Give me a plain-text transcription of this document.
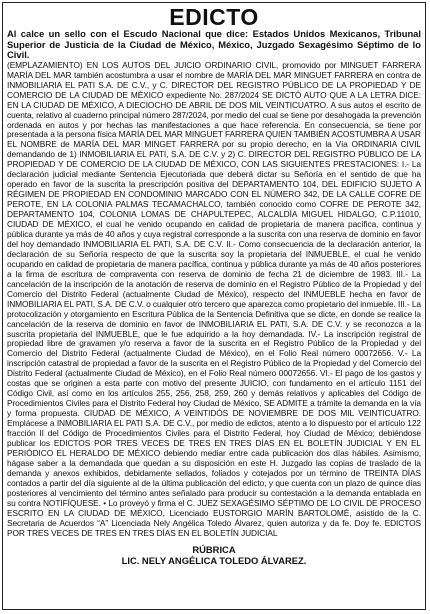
EDICTO

Al calce un sello con el Escudo Nacional que dice: Estados Unidos Mexicanos, Tribunal Superior de Justicia de la Ciudad de México, México, Juzgado Sexagésimo Séptimo de lo Civil.

(EMPLAZAMIENTO) EN LOS AUTOS DEL JUICIO ORDINARIO CIVIL, promovido por MINGUET FARRERA MARÍA DEL MAR también acostumbra a usar el nombre de MARÍA DEL MAR MINGUET FARRERA en contra de INMOBILIARIA EL PATI S.A. DE C.V., y C. DIRECTOR DEL REGISTRO PÚBLICO DE LA PROPIEDAD Y DE COMERCIO DE LA CIUDAD DE MÉXICO expediente No. 287/2024 SE DICTÓ AUTO QUE A LA LETRA DICE: EN LA CIUDAD DE MÉXICO, A DIECIOCHO DE ABRIL DE DOS MIL VEINTICUATRO. A sus autos el escrito de cuenta, relativo al cuaderno principal número 287/2024, por medio del cual se tiene por desahogada la prevención ordenada en autos y por hechas las manifestaciones a que hace referencia. En consecuencia, se tiene por presentada a la persona física MARÍA DEL MAR MINGUET FARRERA QUIEN TAMBIÉN ACOSTUMBRA A USAR EL NOMBRE de MARÍA DEL MAR MINGET FARRERA por su propio derecho, en la Vía ORDINARIA CIVIL demandando de 1) INMOBILIARIA EL PATI, S.A. DE C.V. y 2) C. DIRECTOR DEL REGISTRO PÚBLICO DE LA PROPIEDAD Y DE COMERCIO DE LA CIUDAD DE MÉXICO, CON LAS SIGUIENTES PRESTACIONES: I.- La declaración judicial mediante Sentencia Ejecutoriada que deberá dictar su Señoría en el sentido de que ha operado en favor de la suscrita la prescripción positiva del DEPARTAMENTO 104, DEL EDIFICIO SUJETO A RÉGIMEN DE PROPIEDAD EN CONDOMINIO MARCADO CON EL NÚMERO 342, DE LA CALLE COFRE DE PEROTE, EN LA COLONIA PALMAS TECAMACHALCO, también conocido como COFRE DE PEROTE 342, DEPARTAMENTO 104, COLONIA LOMAS DE CHAPULTEPEC, ALCALDÍA MIGUEL HIDALGO, C.P.11010, CIUDAD DE MÉXICO, el cual he venido ocupando en calidad de propietaria de manera pacífica, continua y pública durante ya más de 40 años y cuya registral corresponde a la suscrita con una reserva de dominio en favor del hoy demandado INMOBILIARIA EL PATI, S.A. DE C.V. II.- Como consecuencia de la declaración anterior, la declaración de su Señoría respecto de que la suscrita soy la propietaria del INMUEBLE, el cual he venido ocupando en calidad de propietaria de manera pacífica, continua y pública durante ya más de 40 años posteriores a la firma de escritura de compraventa con reserva de dominio de fecha 21 de diciembre de 1983. III.- La cancelación de la inscripción de la anotación de reserva de dominio en el Registro Público de la Propiedad y del Comercio del Distrito Federal (actualmente Ciudad de México), respecto del INMUEBLE hecha en favor de INMOBILIARIA EL PATI, S.A. DE C.V. o cualquier otro tercero que aparezca como propietario del inmueble. III.- La protocolización y otorgamiento en Escritura Pública de la Sentencia Definitiva que se dicte, en donde se realice la cancelación de la reserva de dominio en favor de INMOBILIARIA EL PATI, S.A. DE C.V. y se reconozca a la suscrita propietaria del INMUEBLE, que le fue adquirido a la hoy demandada. IV.- La inscripción registral de propiedad libre de gravamen y/o reserva a favor de la suscrita en el Registro Público de la Propiedad y del Comercio del Distrito Federal (actualmente Ciudad de México), en el Folio Real número 00072656. V.- La inscripción catastral de propiedad a favor de la suscrita en el Registro Público de la Propiedad y del Comercio del Distrito Federal (actualmente Ciudad de México), en el Folio Real número 00072656. VI.- El pago de los gastos y costas que se originen a esta parte con motivo del presente JUICIO, con fundamento en el artículo 1151 del Código Civil, así como en los artículos 255, 256, 258, 259, 260 y demás relativos y aplicables del Código de Procedimientos Civiles para el Distrito Federal hoy Ciudad de México, SE ADMITE a trámite la demanda en la vía y forma propuesta. CIUDAD DE MÉXICO, A VEINTIDÓS DE NOVIEMBRE DE DOS MIL VEINTICUATRO. Emplácese a INMOBILIARIA EL PATI S.A. DE C.V., por medio de edictos, atento a lo dispuesto por el artículo 122 fracción II del Código de Procedimientos Civiles para el Distrito Federal, hoy Ciudad de México; debiéndose publicar los EDICTOS POR TRES VECES DE TRES EN TRES DÍAS EN EL BOLETÍN JUDICIAL Y EN EL PERIÓDICO EL HERALDO DE MÉXICO debiendo mediar entre cada publicación dos días hábiles. Asimismo, hágase saber a la demandada que quedan a su disposición en este H. Juzgado las copias de traslado de la demanda y anexos exhibidos, debidamente sellados, foliados y cotejados por un término de TREINTA DÍAS contados a partir del día siguiente al de la última publicación del edicto, y que cuenta con un plazo de quince días posteriores al vencimiento del término antes señalado para producir su contestación a la demanda entablada en su contra NOTIFÍQUESE. • Lo proveyó y firma el C. JUEZ SEXAGÉSIMO SÉPTIMO DE LO CIVIL DE PROCESO ESCRITO EN LA CIUDAD DE MÉXICO, Licenciado EUSTORGIO MARÍN BARTOLOMÉ, asistido de la C. Secretaria de Acuerdos “A” Licenciada Nely Angélica Toledo Álvarez, quien autoriza y da fe. Doy fe. EDICTOS POR TRES VECES DE TRES EN TRES DÍAS EN EL BOLETÍN JUDICIAL

RÚBRICA

LIC. NELY ANGÉLICA TOLEDO ÁLVAREZ.
